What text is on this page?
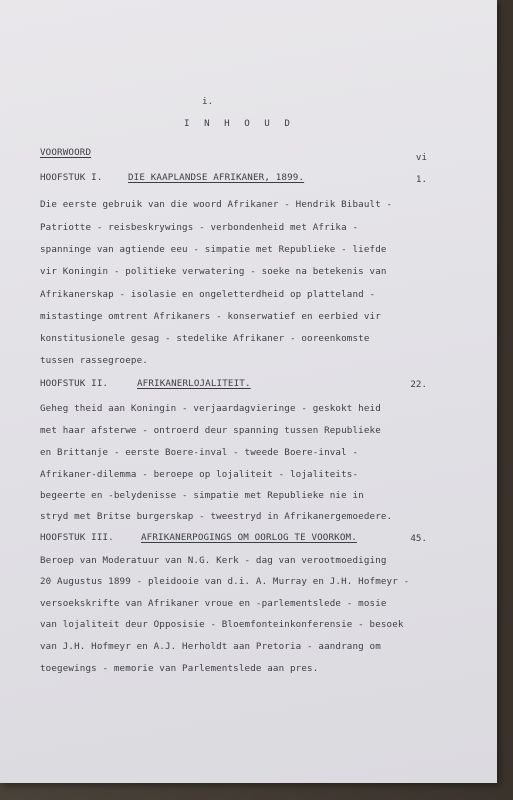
i.
I N H O U D
VOORWOORD	vi
HOOFSTUK I.	DIE KAAPLANDSE AFRIKANER, 1899.	1.
Die eerste gebruik van die woord Afrikaner - Hendrik Bibault -
Patriotte - reisbeskrywings - verbondenheid met Afrika -
spanninge van agtiende eeu - simpatie met Republieke - liefde
vir Koningin - politieke verwatering - soeke na betekenis van
Afrikanerskap - isolasie en ongeletterdheid op platteland -
mistastinge omtrent Afrikaners - konserwatief en eerbied vir
konstitusionele gesag - stedelike Afrikaner - ooreenkomste
tussen rassegroepe.
HOOFSTUK II.	AFRIKANERLOJALITEIT.	22.
Geheg theid aan Koningin - verjaardagvieringe - geskokt heid
met haar afsterwe - ontroerd deur spanning tussen Republieke
en Brittanje - eerste Boere-inval - tweede Boere-inval -
Afrikaner-dilemma - beroepe op lojaliteit - lojaliteits-
begeerte en -belydenisse - simpatie met Republieke nie in
stryd met Britse burgerskap - tweestryd in Afrikanergemoedere.
HOOFSTUK III.	AFRIKANERPOGINGS OM OORLOG TE VOORKOM.	45.
Beroep van Moderatuur van N.G. Kerk - dag van verootmoediging
20 Augustus 1899 - pleidooie van d.i. A. Murray en J.H. Hofmeyr -
versoekskrifte van Afrikaner vroue en -parlementslede - mosie
van lojaliteit deur Opposisie - Bloemfonteinkonferensie - besoek
van J.H. Hofmeyr en A.J. Herholdt aan Pretoria - aandrang om
toegewings - memorie van Parlementslede aan pres.
